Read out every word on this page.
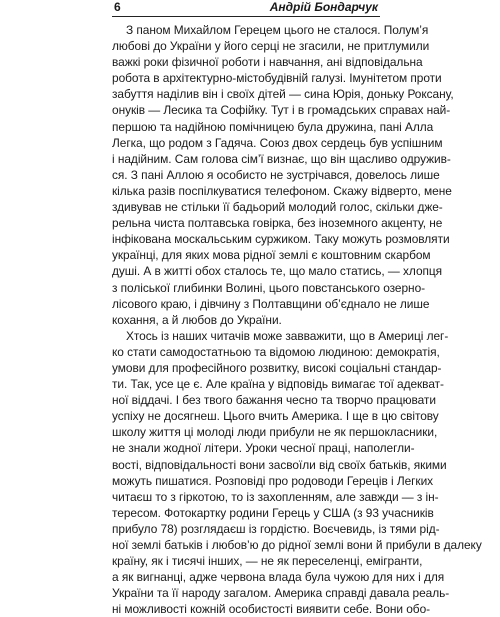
6	Андрій Бондарчук
З паном Михайлом Герецем цього не сталося. Полум’я
любові до України у його серці не згасили, не притлумили
важкі роки фізичної роботи і навчання, ані відповідальна
робота в архітектурно-містобудівній галузі. Імунітетом проти
забуття наділив він і своїх дітей — сина Юрія, доньку Роксану,
онуків — Лесика та Софійку. Тут і в громадських справах най-
першою та надійною помічницею була дружина, пані Алла
Легка, що родом з Гадяча. Союз двох сердець був успішним
і надійним. Сам голова сім’ї визнає, що він щасливо одружив-
ся. З пані Аллою я особисто не зустрічався, довелось лише
кілька разів поспілкуватися телефоном. Скажу відверто, мене
здивував не стільки її бадьорий молодий голос, скільки дже-
рельна чиста полтавська говірка, без іноземного акценту, не
інфікована москальським суржиком. Таку можуть розмовляти
українці, для яких мова рідної землі є коштовним скарбом
душі. А в житті обох сталось те, що мало статись, — хлопця
з поліської глибинки Волині, цього повстанського озерно-
лісового краю, і дівчину з Полтавщини об’єднало не лише
кохання, а й любов до України.
Хтось із наших читачів може завважити, що в Америці лег-
ко стати самодостатньою та відомою людиною: демократія,
умови для професійного розвитку, високі соціальні стандар-
ти. Так, усе це є. Але країна у відповідь вимагає тої адекват-
ної віддачі. І без твого бажання чесно та творчо працювати
успіху не досягнеш. Цього вчить Америка. І ще в цю світову
школу життя ці молоді люди прибули не як першокласники,
не знали жодної літери. Уроки чесної праці, наполегли-
вості, відповідальності вони засвоїли від своїх батьків, якими
можуть пишатися. Розповіді про родоводи Гереців і Легких
читаєш то з гіркотою, то із захопленням, але завжди — з ін-
тересом. Фотокартку родини Герець у США (з 93 учасників
прибуло 78) розглядаєш із гордістю. Воєчевидь, із тями рід-
ної землі батьків і любов’ю до рідної землі вони й прибули в далеку
країну, як і тисячі інших, — не як переселенці, емігранти,
а як вигнанці, адже червона влада була чужою для них і для
України та її народу загалом. Америка справді давала реаль-
ні можливості кожній особистості виявити себе. Вони обо-
